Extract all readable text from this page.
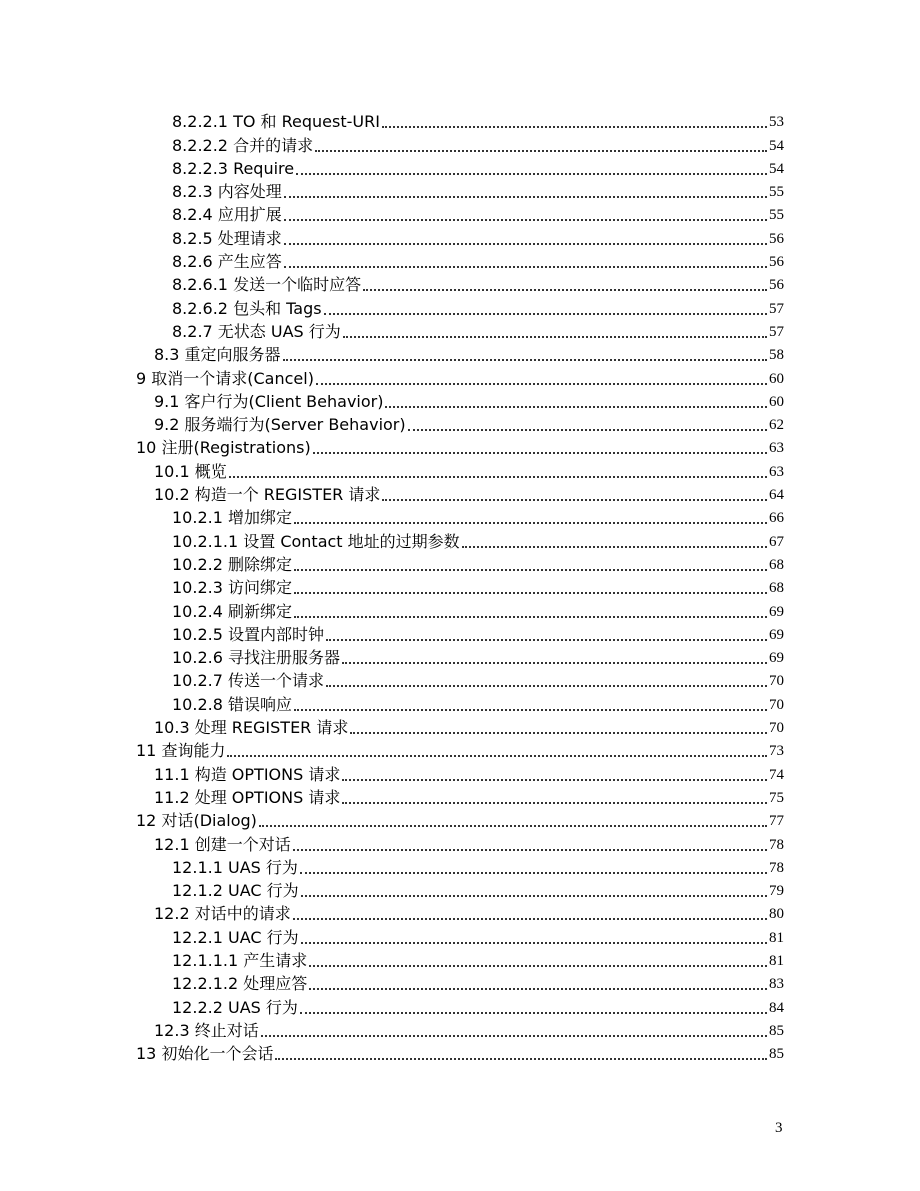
8.2.2.1 TO 和 Request-URI	53
8.2.2.2 合并的请求	54
8.2.2.3 Require	54
8.2.3 内容处理	55
8.2.4 应用扩展	55
8.2.5 处理请求	56
8.2.6 产生应答	56
8.2.6.1 发送一个临时应答	56
8.2.6.2 包头和 Tags	57
8.2.7 无状态 UAS 行为	57
8.3 重定向服务器	58
9 取消一个请求(Cancel)	60
9.1 客户行为(Client Behavior)	60
9.2 服务端行为(Server Behavior)	62
10 注册(Registrations)	63
10.1 概览	63
10.2 构造一个 REGISTER 请求	64
10.2.1 增加绑定	66
10.2.1.1 设置 Contact 地址的过期参数	67
10.2.2 删除绑定	68
10.2.3 访问绑定	68
10.2.4 刷新绑定	69
10.2.5 设置内部时钟	69
10.2.6 寻找注册服务器	69
10.2.7 传送一个请求	70
10.2.8 错误响应	70
10.3 处理 REGISTER 请求	70
11 查询能力	73
11.1 构造 OPTIONS 请求	74
11.2 处理 OPTIONS 请求	75
12 对话(Dialog)	77
12.1 创建一个对话	78
12.1.1 UAS 行为	78
12.1.2 UAC 行为	79
12.2 对话中的请求	80
12.2.1 UAC 行为	81
12.1.1.1 产生请求	81
12.2.1.2 处理应答	83
12.2.2 UAS 行为	84
12.3 终止对话	85
13 初始化一个会话	85
3
